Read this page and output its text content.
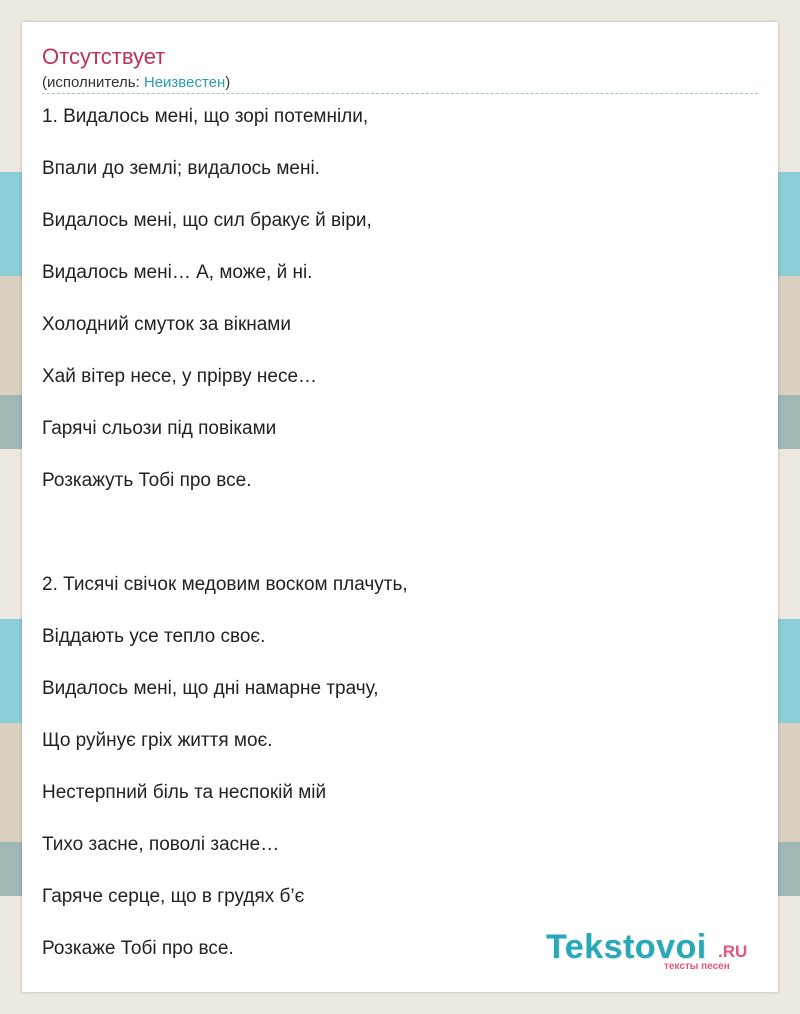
Отсутствует
(исполнитель: Неизвестен)
1. Видалось мені, що зорі потемніли,
Впали до землі; видалось мені.
Видалось мені, що сил бракує й віри,
Видалось мені… А, може, й ні.
Холодний смуток за вікнами
Хай вітер несе, у прірву несе…
Гарячі сльози під повіками
Розкажуть Тобі про все.
2. Тисячі свічок медовим воском плачуть,
Віддають усе тепло своє.
Видалось мені, що дні намарне трачу,
Що руйнує гріх життя моє.
Нестерпний біль та неспокій мій
Тихо засне, поволі засне…
Гаряче серце, що в грудях б’є
Розкаже Тобі про все.	Tekstovoi .RU
тексты песен
